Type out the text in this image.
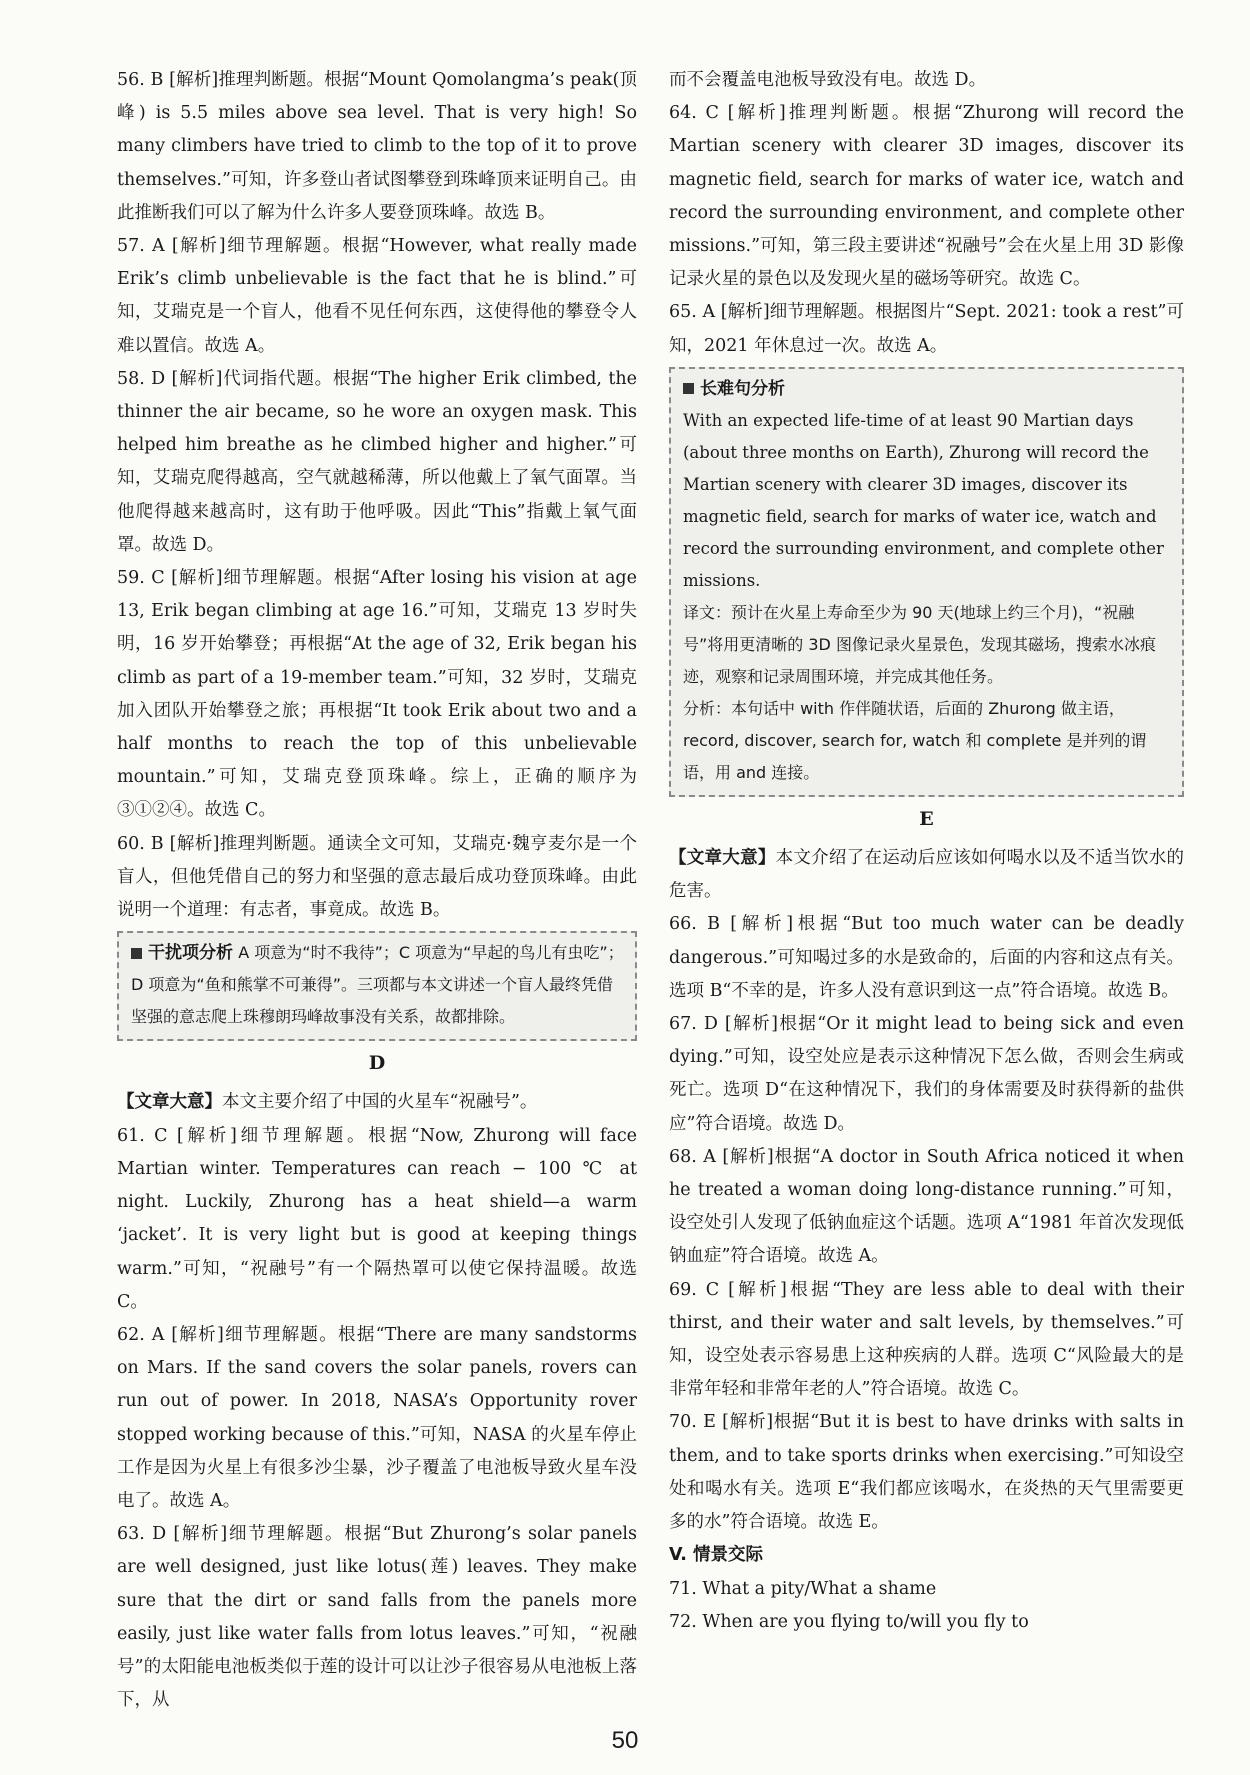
56. B [解析]推理判断题。根据“Mount Qomolangma’s peak(顶峰) is 5.5 miles above sea level. That is very high! So many climbers have tried to climb to the top of it to prove themselves.”可知，许多登山者试图攀登到珠峰顶来证明自己。由此推断我们可以了解为什么许多人要登顶珠峰。故选 B。

57. A [解析]细节理解题。根据“However, what really made Erik’s climb unbelievable is the fact that he is blind.”可知，艾瑞克是一个盲人，他看不见任何东西，这使得他的攀登令人难以置信。故选 A。

58. D [解析]代词指代题。根据“The higher Erik climbed, the thinner the air became, so he wore an oxygen mask. This helped him breathe as he climbed higher and higher.”可知，艾瑞克爬得越高，空气就越稀薄，所以他戴上了氧气面罩。当他爬得越来越高时，这有助于他呼吸。因此“This”指戴上氧气面罩。故选 D。

59. C [解析]细节理解题。根据“After losing his vision at age 13, Erik began climbing at age 16.”可知，艾瑞克 13 岁时失明，16 岁开始攀登；再根据“At the age of 32, Erik began his climb as part of a 19-member team.”可知，32 岁时，艾瑞克加入团队开始攀登之旅；再根据“It took Erik about two and a half months to reach the top of this unbelievable mountain.”可知，艾瑞克登顶珠峰。综上，正确的顺序为③①②④。故选 C。

60. B [解析]推理判断题。通读全文可知，艾瑞克·魏亨麦尔是一个盲人，但他凭借自己的努力和坚强的意志最后成功登顶珠峰。由此说明一个道理：有志者，事竟成。故选 B。

干扰项分析 A 项意为“时不我待”；C 项意为“早起的鸟儿有虫吃”；D 项意为“鱼和熊掌不可兼得”。三项都与本文讲述一个盲人最终凭借坚强的意志爬上珠穆朗玛峰故事没有关系，故都排除。
D

【文章大意】本文主要介绍了中国的火星车“祝融号”。

61. C [解析]细节理解题。根据“Now, Zhurong will face Martian winter. Temperatures can reach − 100 ℃ at night. Luckily, Zhurong has a heat shield—a warm ‘jacket’. It is very light but is good at keeping things warm.”可知，“祝融号”有一个隔热罩可以使它保持温暖。故选 C。

62. A [解析]细节理解题。根据“There are many sandstorms on Mars. If the sand covers the solar panels, rovers can run out of power. In 2018, NASA’s Opportunity rover stopped working because of this.”可知，NASA 的火星车停止工作是因为火星上有很多沙尘暴，沙子覆盖了电池板导致火星车没电了。故选 A。

63. D [解析]细节理解题。根据“But Zhurong’s solar panels are well designed, just like lotus(莲) leaves. They make sure that the dirt or sand falls from the panels more easily, just like water falls from lotus leaves.”可知，“祝融号”的太阳能电池板类似于莲的设计可以让沙子很容易从电池板上落下，从

而不会覆盖电池板导致没有电。故选 D。

64. C [解析]推理判断题。根据“Zhurong will record the Martian scenery with clearer 3D images, discover its magnetic field, search for marks of water ice, watch and record the surrounding environment, and complete other missions.”可知，第三段主要讲述“祝融号”会在火星上用 3D 影像记录火星的景色以及发现火星的磁场等研究。故选 C。

65. A [解析]细节理解题。根据图片“Sept. 2021: took a rest”可知，2021 年休息过一次。故选 A。

长难句分析
With an expected life-time of at least 90 Martian days (about three months on Earth), Zhurong will record the Martian scenery with clearer 3D images, discover its magnetic field, search for marks of water ice, watch and record the surrounding environment, and complete other missions.
译文：预计在火星上寿命至少为 90 天(地球上约三个月)，“祝融号”将用更清晰的 3D 图像记录火星景色，发现其磁场，搜索水冰痕迹，观察和记录周围环境，并完成其他任务。
分析：本句话中 with 作伴随状语，后面的 Zhurong 做主语，record, discover, search for, watch 和 complete 是并列的谓语，用 and 连接。
E

【文章大意】本文介绍了在运动后应该如何喝水以及不适当饮水的危害。

66. B [解析]根据“But too much water can be deadly dangerous.”可知喝过多的水是致命的，后面的内容和这点有关。选项 B“不幸的是，许多人没有意识到这一点”符合语境。故选 B。

67. D [解析]根据“Or it might lead to being sick and even dying.”可知，设空处应是表示这种情况下怎么做，否则会生病或死亡。选项 D“在这种情况下，我们的身体需要及时获得新的盐供应”符合语境。故选 D。

68. A [解析]根据“A doctor in South Africa noticed it when he treated a woman doing long-distance running.”可知，设空处引人发现了低钠血症这个话题。选项 A“1981 年首次发现低钠血症”符合语境。故选 A。

69. C [解析]根据“They are less able to deal with their thirst, and their water and salt levels, by themselves.”可知，设空处表示容易患上这种疾病的人群。选项 C“风险最大的是非常年轻和非常年老的人”符合语境。故选 C。

70. E [解析]根据“But it is best to have drinks with salts in them, and to take sports drinks when exercising.”可知设空处和喝水有关。选项 E“我们都应该喝水，在炎热的天气里需要更多的水”符合语境。故选 E。

V. 情景交际

71. What a pity/What a shame

72. When are you flying to/will you fly to

50
